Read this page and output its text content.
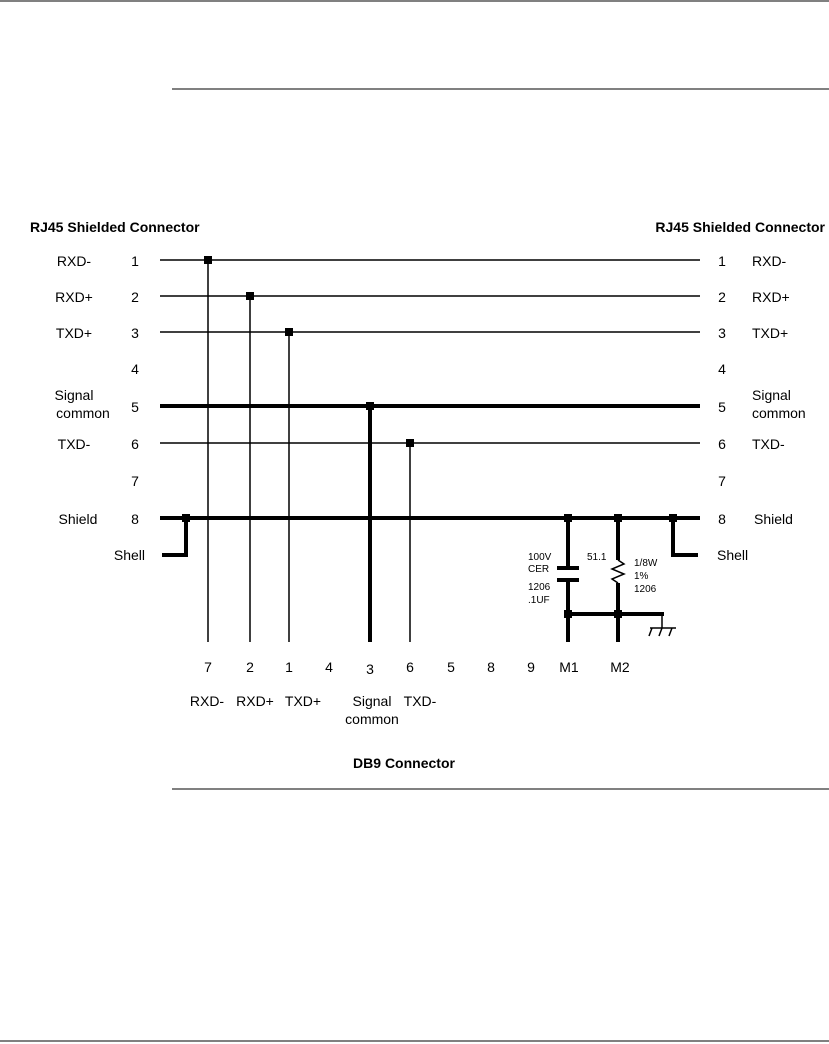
RJ45 Shielded Connector	RJ45 Shielded Connector
RXD-	1
RXD+	2
TXD+	3
4
Signal
common 5
TXD-	6
7
Shield 8
Shell
1 RXD-
2 RXD+
3 TXD+
4
5
Signal
common
6 TXD-
7
8 Shield
Shell
100V
CER
1206
.1UF
51.1
1/8W
1%
1206
7 2 1 4 3 6 5 8 9 M1 M2
RXD- RXD+ TXD+ Signal
common
TXD-
DB9 Connector
